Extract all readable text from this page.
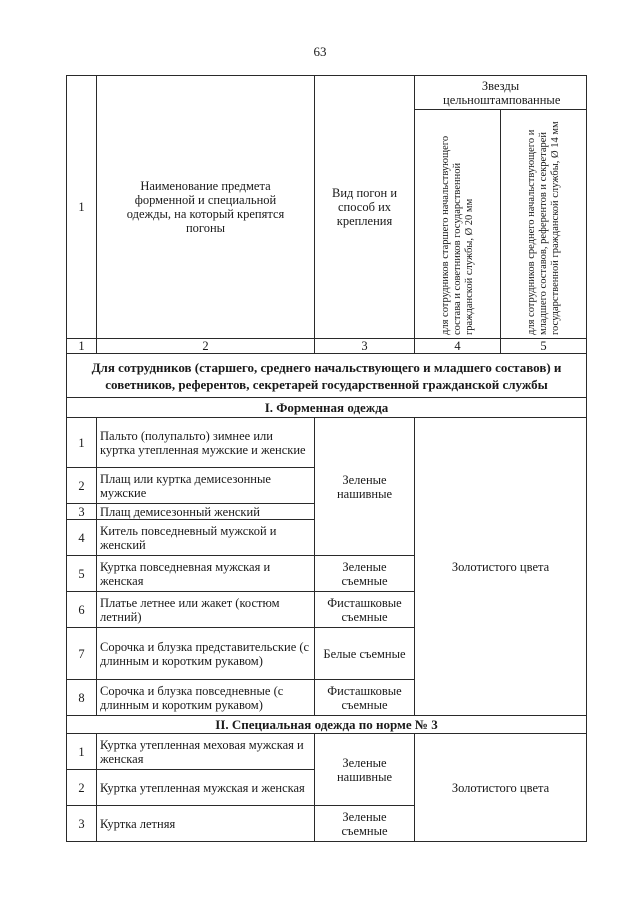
63
1	Наименование предмета форменной и специальной одежды, на который крепятся погоны	Вид погон и способ их крепления	Звезды цельноштампованные	

			для сотрудников старшего начальствующего состава и советников государственной гражданской службы, Ø 20 мм	для сотрудников среднего начальствующего и младшего составов, референтов и секретарей государственной гражданской службы, Ø 14 мм

1	2	3	4	5
Для сотрудников (старшего, среднего начальствующего и младшего составов) и советников, референтов, секретарей государственной гражданской службы				
I. Форменная одежда				
1	Пальто (полупальто) зимнее или куртка утепленная мужские и женские	Зеленые нашивные	Золотистого цвета	
2	Плащ или куртка демисезонные мужские			
3	Плащ демисезонный женский			
4	Китель повседневный мужской и женский			
5	Куртка повседневная мужская и женская	Зеленые съемные		
6	Платье летнее или жакет (костюм летний)	Фисташковые съемные		
7	Сорочка и блузка представительские (с длинным и коротким рукавом)	Белые съемные		
8	Сорочка и блузка повседневные (с длинным и коротким рукавом)	Фисташковые съемные		
II. Специальная одежда по норме № 3				
1	Куртка утепленная меховая мужская и женская	Зеленые нашивные	Золотистого цвета	
2	Куртка утепленная мужская и женская			
3	Куртка летняя	Зеленые съемные		
